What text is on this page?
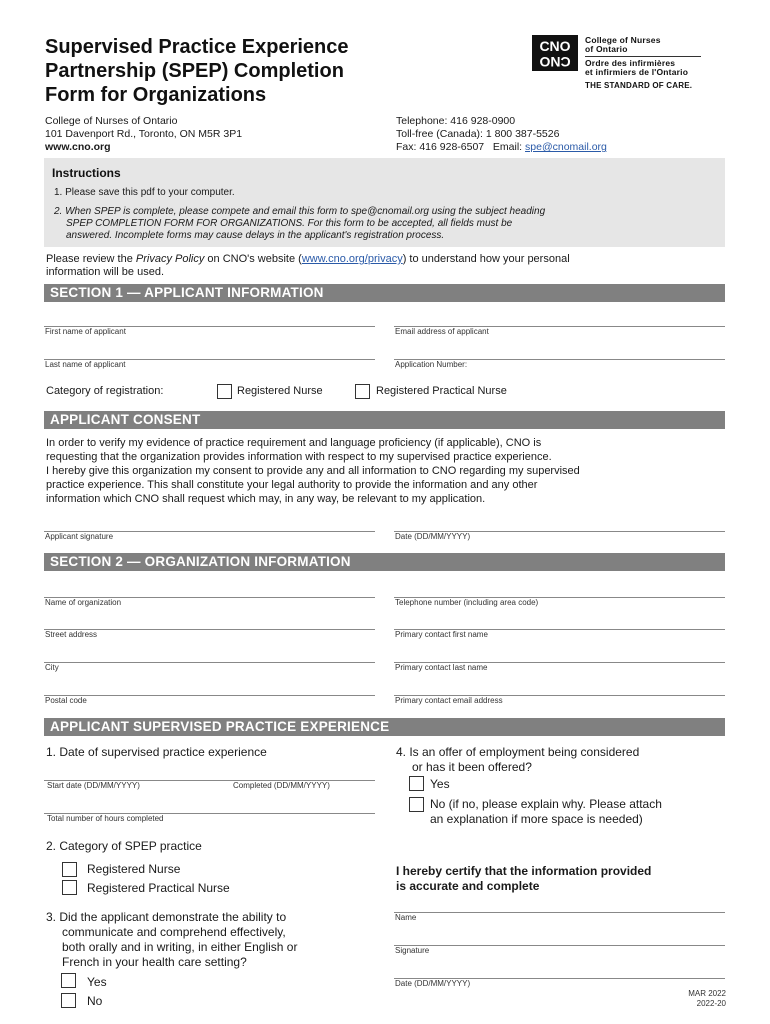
Supervised Practice Experience
Partnership (SPEP) Completion
Form for Organizations
CNO
CNO
College of Nurses
of Ontario
Ordre des infirmières
et infirmiers de l'Ontario
THE STANDARD OF CARE.
College of Nurses of Ontario
101 Davenport Rd., Toronto, ON M5R 3P1
www.cno.org
Telephone: 416 928-0900
Toll-free (Canada): 1 800 387-5526
Fax: 416 928-6507 Email: spe@cnomail.org
Instructions
1. Please save this pdf to your computer.
2. When SPEP is complete, please compete and email this form to spe@cnomail.org using the subject heading
SPEP COMPLETION FORM FOR ORGANIZATIONS. For this form to be accepted, all fields must be
answered. Incomplete forms may cause delays in the applicant's registration process.
Please review the Privacy Policy on CNO's website (www.cno.org/privacy) to understand how your personal
information will be used.
SECTION 1 — APPLICANT INFORMATION
First name of applicant	Email address of applicant
Last name of applicant	Application Number:
Category of registration:	Registered Nurse	Registered Practical Nurse
APPLICANT CONSENT
In order to verify my evidence of practice requirement and language proficiency (if applicable), CNO is
requesting that the organization provides information with respect to my supervised practice experience.
I hereby give this organization my consent to provide any and all information to CNO regarding my supervised
practice experience. This shall constitute your legal authority to provide the information and any other
information which CNO shall request which may, in any way, be relevant to my application.
Applicant signature	Date (DD/MM/YYYY)
SECTION 2 — ORGANIZATION INFORMATION
Name of organization	Telephone number (including area code)
Street address	Primary contact first name
City	Primary contact last name
Postal code	Primary contact email address
APPLICANT SUPERVISED PRACTICE EXPERIENCE
1. Date of supervised practice experience
Start date (DD/MM/YYYY)	Completed (DD/MM/YYYY)
Total number of hours completed
2. Category of SPEP practice
Registered Nurse
Registered Practical Nurse
3. Did the applicant demonstrate the ability to
communicate and comprehend effectively,
both orally and in writing, in either English or
French in your health care setting?
Yes
No
4. Is an offer of employment being considered
or has it been offered?
Yes
No (if no, please explain why. Please attach
an explanation if more space is needed)
I hereby certify that the information provided
is accurate and complete
Name
Signature
Date (DD/MM/YYYY)
MAR 2022
2022-20
